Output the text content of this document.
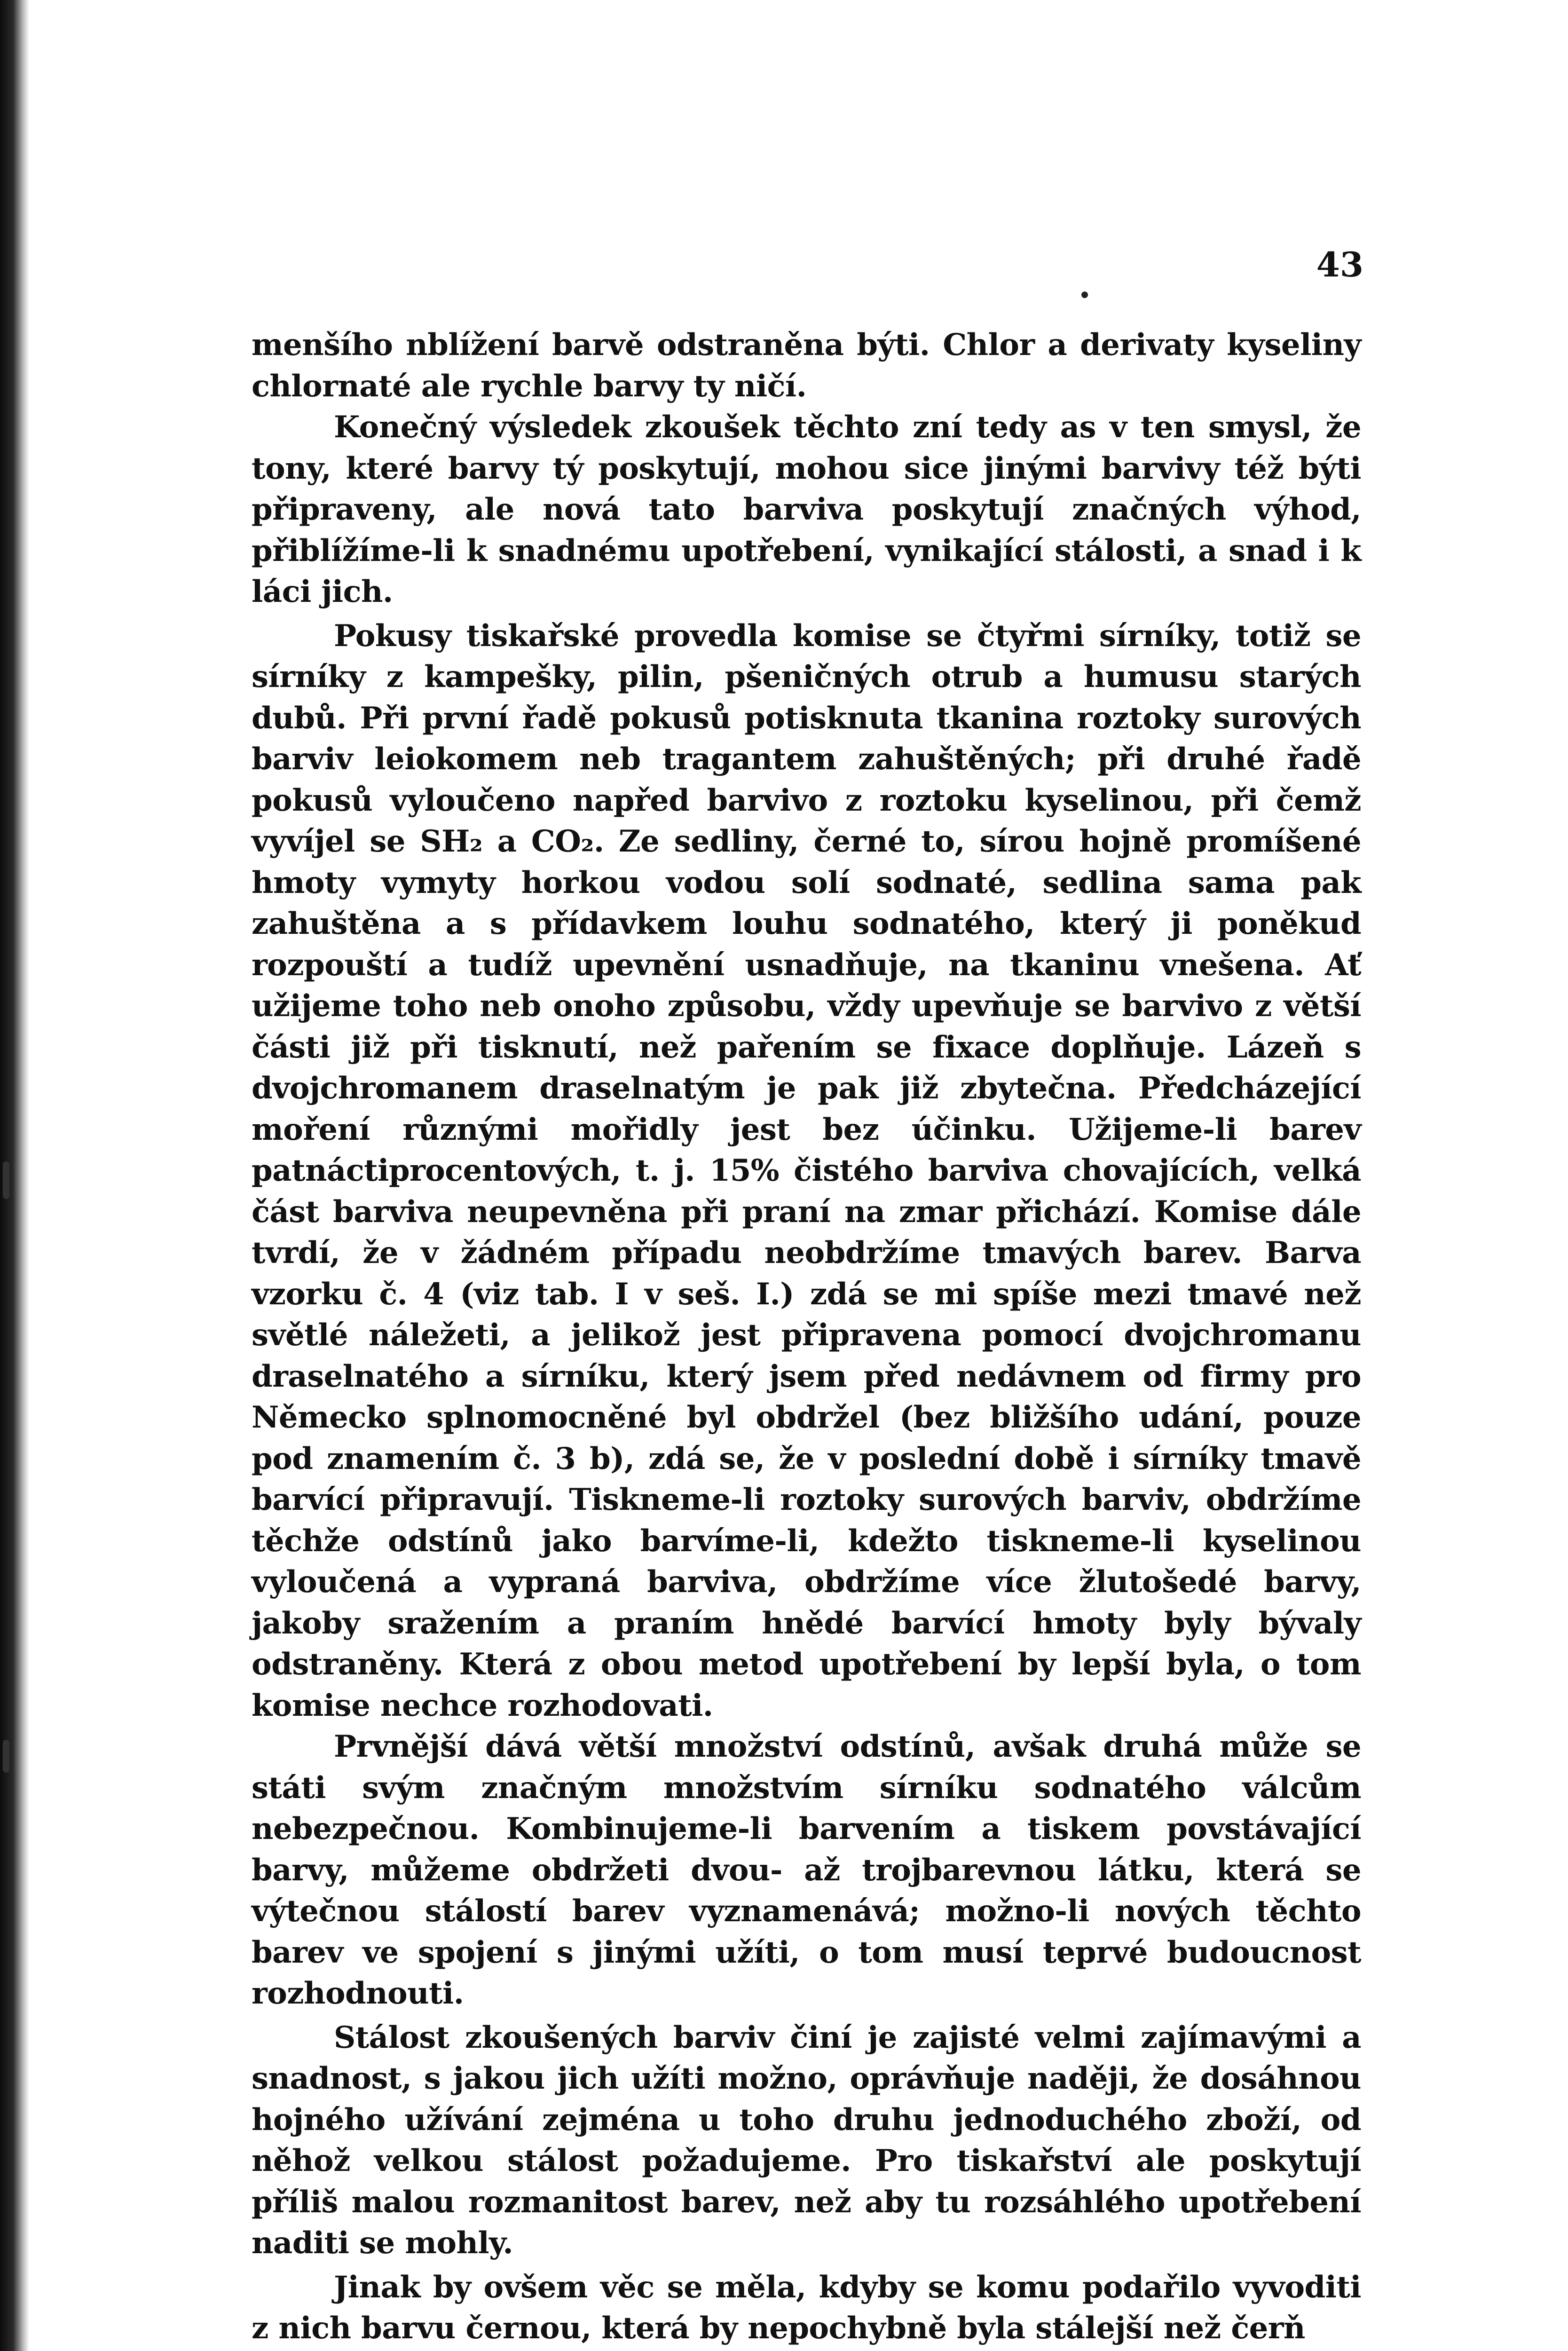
43

menšího nblížení barvě odstraněna býti. Chlor a derivaty kyseliny chlornaté ale rychle barvy ty ničí.

Konečný výsledek zkoušek těchto zní tedy as v ten smysl, že tony, které barvy tý poskytují, mohou sice jinými barvivy též býti připraveny, ale nová tato barviva poskytují značných výhod, přiblížíme-li k snadnému upotřebení, vynikající stálosti, a snad i k láci jich.

Pokusy tiskařské provedla komise se čtyřmi sírníky, totiž se sírníky z kampešky, pilin, pšeničných otrub a humusu starých dubů. Při první řadě pokusů potisknuta tkanina roztoky surových barviv leiokomem neb tragantem zahuštěných; při druhé řadě pokusů vyloučeno napřed barvivo z roztoku kyselinou, při čemž vyvíjel se SH₂ a CO₂. Ze sedliny, černé to, sírou hojně promíšené hmoty vymyty horkou vodou solí sodnaté, sedlina sama pak zahuštěna a s přídavkem louhu sodnatého, který ji poněkud rozpouští a tudíž upevnění usnadňuje, na tkaninu vnešena. Ať užijeme toho neb onoho způsobu, vždy upevňuje se barvivo z větší části již při tisknutí, než pařením se fixace doplňuje. Lázeň s dvojchromanem draselnatým je pak již zbytečna. Předcházející moření různými mořidly jest bez účinku. Užijeme-li barev patnáctiprocentových, t. j. 15% čistého barviva chovajících, velká část barviva neupevněna při praní na zmar přichází. Komise dále tvrdí, že v žádném případu neobdržíme tmavých barev. Barva vzorku č. 4 (viz tab. I v seš. I.) zdá se mi spíše mezi tmavé než světlé náležeti, a jelikož jest připravena pomocí dvojchromanu draselnatého a sírníku, který jsem před nedávnem od firmy pro Německo splnomocněné byl obdržel (bez bližšího udání, pouze pod znamením č. 3 b), zdá se, že v poslední době i sírníky tmavě barvící připravují. Tiskneme-li roztoky surových barviv, obdržíme těchže odstínů jako barvíme-li, kdežto tiskneme-li kyselinou vyloučená a vypraná barviva, obdržíme více žlutošedé barvy, jakoby sražením a praním hnědé barvící hmoty byly bývaly odstraněny. Která z obou metod upotřebení by lepší byla, o tom komise nechce rozhodovati.

Prvnější dává větší množství odstínů, avšak druhá může se státi svým značným množstvím sírníku sodnatého válcům nebezpečnou. Kombinujeme-li barvením a tiskem povstávající barvy, můžeme obdržeti dvou- až trojbarevnou látku, která se výtečnou stálostí barev vyznamenává; možno-li nových těchto barev ve spojení s jinými užíti, o tom musí teprvé budoucnost rozhodnouti.

Stálost zkoušených barviv činí je zajisté velmi zajímavými a snadnost, s jakou jich užíti možno, oprávňuje naději, že dosáhnou hojného užívání zejména u toho druhu jednoduchého zboží, od něhož velkou stálost požadujeme. Pro tiskařství ale poskytují příliš malou rozmanitost barev, než aby tu rozsáhlého upotřebení naditi se mohly.

Jinak by ovšem věc se měla, kdyby se komu podařilo vyvoditi z nich barvu černou, která by nepochybně byla stálejší než čerň
